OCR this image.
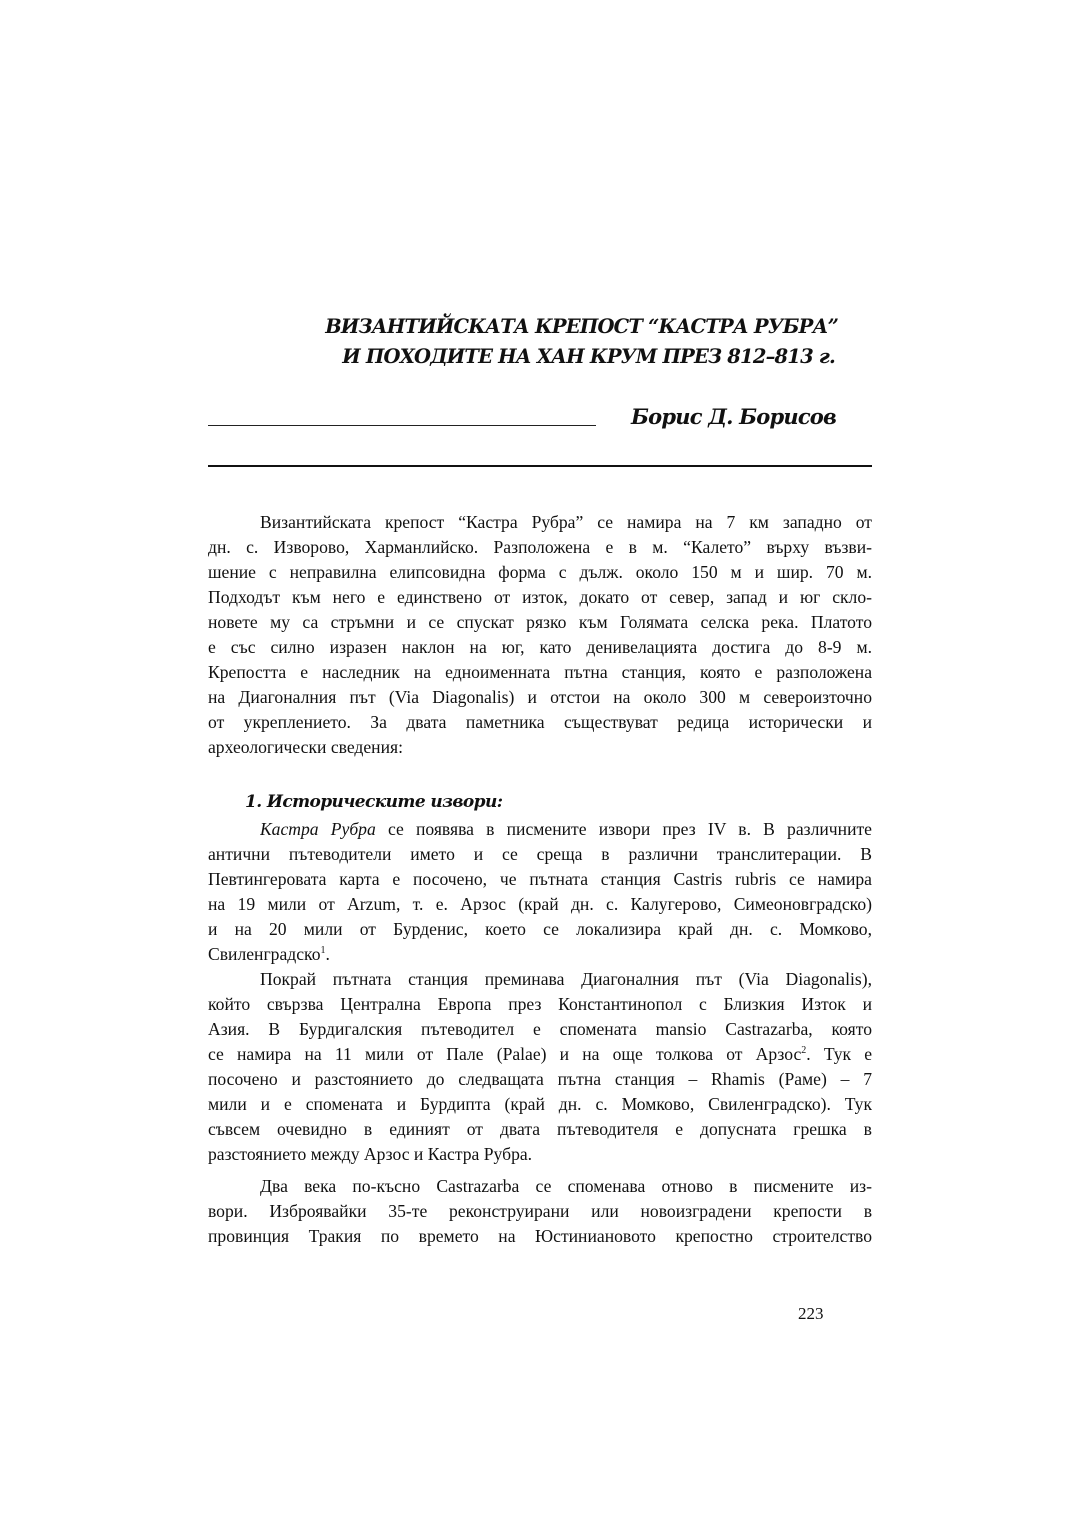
ВИЗАНТИЙСКАТА КРЕПОСТ “КАСТРА РУБРА”
И ПОХОДИТЕ НА ХАН КРУМ ПРЕЗ 812–813 г.
Борис Д. Борисов
1. Историческите извори:
Византийската крепост “Кастра Рубра” се намира на 7 км западно от
дн. с. Изворово, Харманлийско. Разположена е в м. “Калето” върху възви-
шение с неправилна елипсовидна форма с дълж. около 150 м и шир. 70 м.
Подходът към него е единствено от изток, докато от север, запад и юг скло-
новете му са стръмни и се спускат рязко към Голямата селска река. Платото
е със силно изразен наклон на юг, като денивелацията достига до 8-9 м.
Крепостта е наследник на едноименната пътна станция, която е разположена
на Диагоналния път (Via Diagonalis) и отстои на около 300 м североизточно
от укреплението. За двата паметника съществуват редица исторически и
археологически сведения:
Кастра Рубра се появява в писмените извори през IV в. В различните
антични пътеводители името и се среща в различни транслитерации. В
Певтингеровата карта е посочено, че пътната станция Castris rubris се намира
на 19 мили от Arzum, т. е. Арзос (край дн. с. Калугерово, Симеоновградско)
и на 20 мили от Бурденис, което се локализира край дн. с. Момково,
Свиленградско$^1$.
Покрай пътната станция преминава Диагоналния път (Via Diagonalis),
който свързва Централна Европа през Константинопол с Близкия Изток и
Азия. В Бурдигалския пътеводител е спомената mansio Castrazarba, която
се намира на 11 мили от Пале (Palae) и на още толкова от Арзос$^2$. Тук е
посочено и разстоянието до следващата пътна станция – Rhamis (Раме) – 7
мили и е спомената и Бурдипта (край дн. с. Момково, Свиленградско). Тук
съвсем очевидно в единият от двата пътеводителя е допусната грешка в
разстоянието между Арзос и Кастра Рубра.
Два века по-късно Castrazarba се споменава отново в писмените из-
вори. Изброявайки 35-те реконструирани или новоизградени крепости в
провинция Тракия по времето на Юстиниановото крепостно строителство
223
